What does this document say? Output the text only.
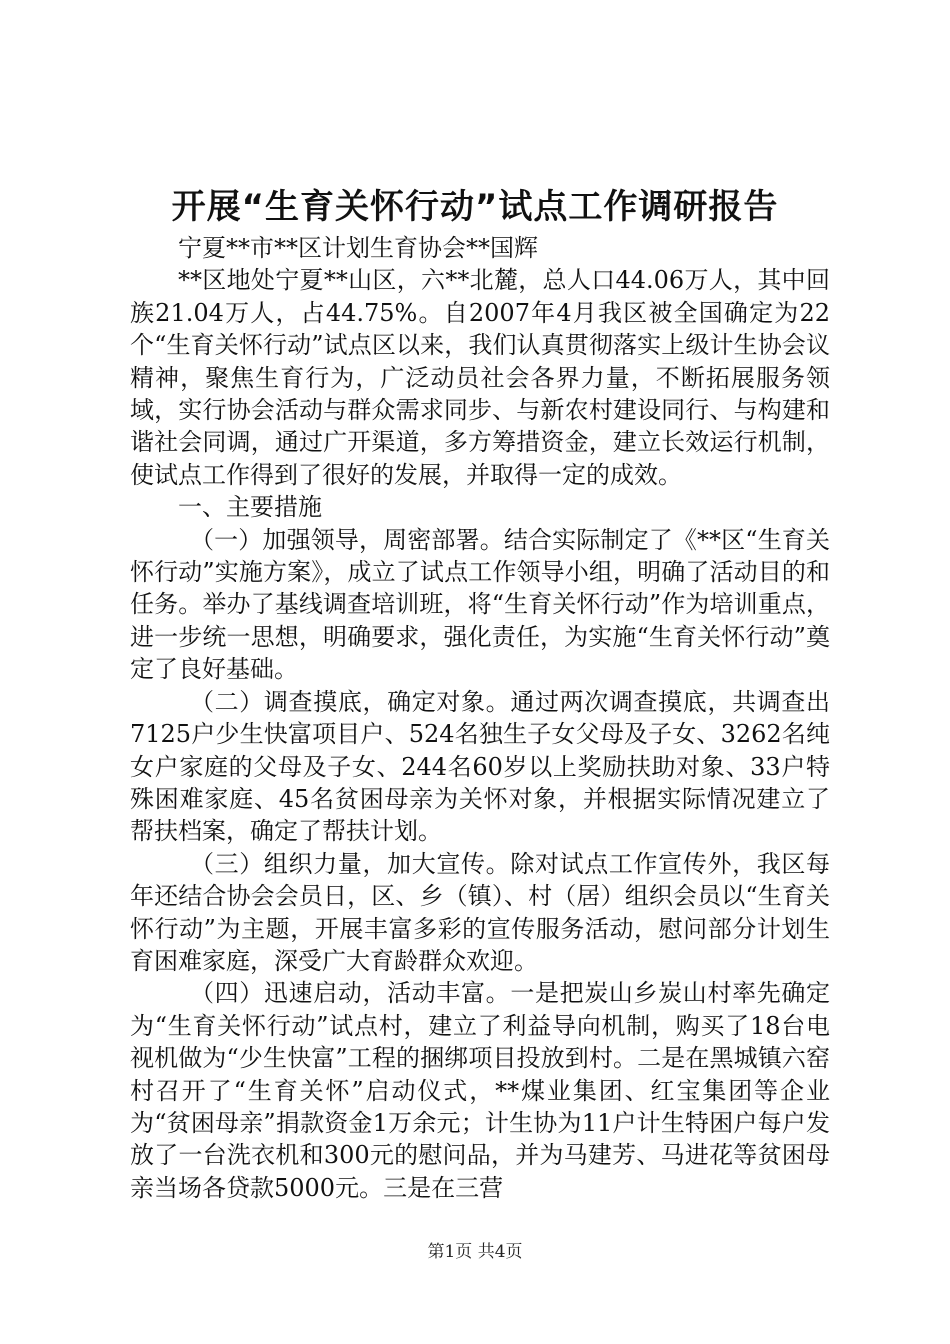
开展“生育关怀行动”试点工作调研报告

宁夏**市**区计划生育协会**国辉

**区地处宁夏**山区，六**北麓，总人口44.06万人，其中回族21.04万人，占44.75%。自2007年4月我区被全国确定为22个“生育关怀行动”试点区以来，我们认真贯彻落实上级计生协会议精神，聚焦生育行为，广泛动员社会各界力量，不断拓展服务领域，实行协会活动与群众需求同步、与新农村建设同行、与构建和谐社会同调，通过广开渠道，多方筹措资金，建立长效运行机制，使试点工作得到了很好的发展，并取得一定的成效。

一、主要措施

（一）加强领导，周密部署。结合实际制定了《**区“生育关怀行动”实施方案》，成立了试点工作领导小组，明确了活动目的和任务。举办了基线调查培训班，将“生育关怀行动”作为培训重点，进一步统一思想，明确要求，强化责任，为实施“生育关怀行动”奠定了良好基础。

（二）调查摸底，确定对象。通过两次调查摸底，共调查出7125户少生快富项目户、524名独生子女父母及子女、3262名纯女户家庭的父母及子女、244名60岁以上奖励扶助对象、33户特殊困难家庭、45名贫困母亲为关怀对象，并根据实际情况建立了帮扶档案，确定了帮扶计划。

（三）组织力量，加大宣传。除对试点工作宣传外，我区每年还结合协会会员日，区、乡（镇）、村（居）组织会员以“生育关怀行动”为主题，开展丰富多彩的宣传服务活动，慰问部分计划生育困难家庭，深受广大育龄群众欢迎。

（四）迅速启动，活动丰富。一是把炭山乡炭山村率先确定为“生育关怀行动”试点村，建立了利益导向机制，购买了18台电视机做为“少生快富”工程的捆绑项目投放到村。二是在黑城镇六窑村召开了“生育关怀”启动仪式，**煤业集团、红宝集团等企业为“贫困母亲”捐款资金1万余元；计生协为11户计生特困户每户发放了一台洗衣机和300元的慰问品，并为马建芳、马进花等贫困母亲当场各贷款5000元。三是在三营

第1页 共4页
